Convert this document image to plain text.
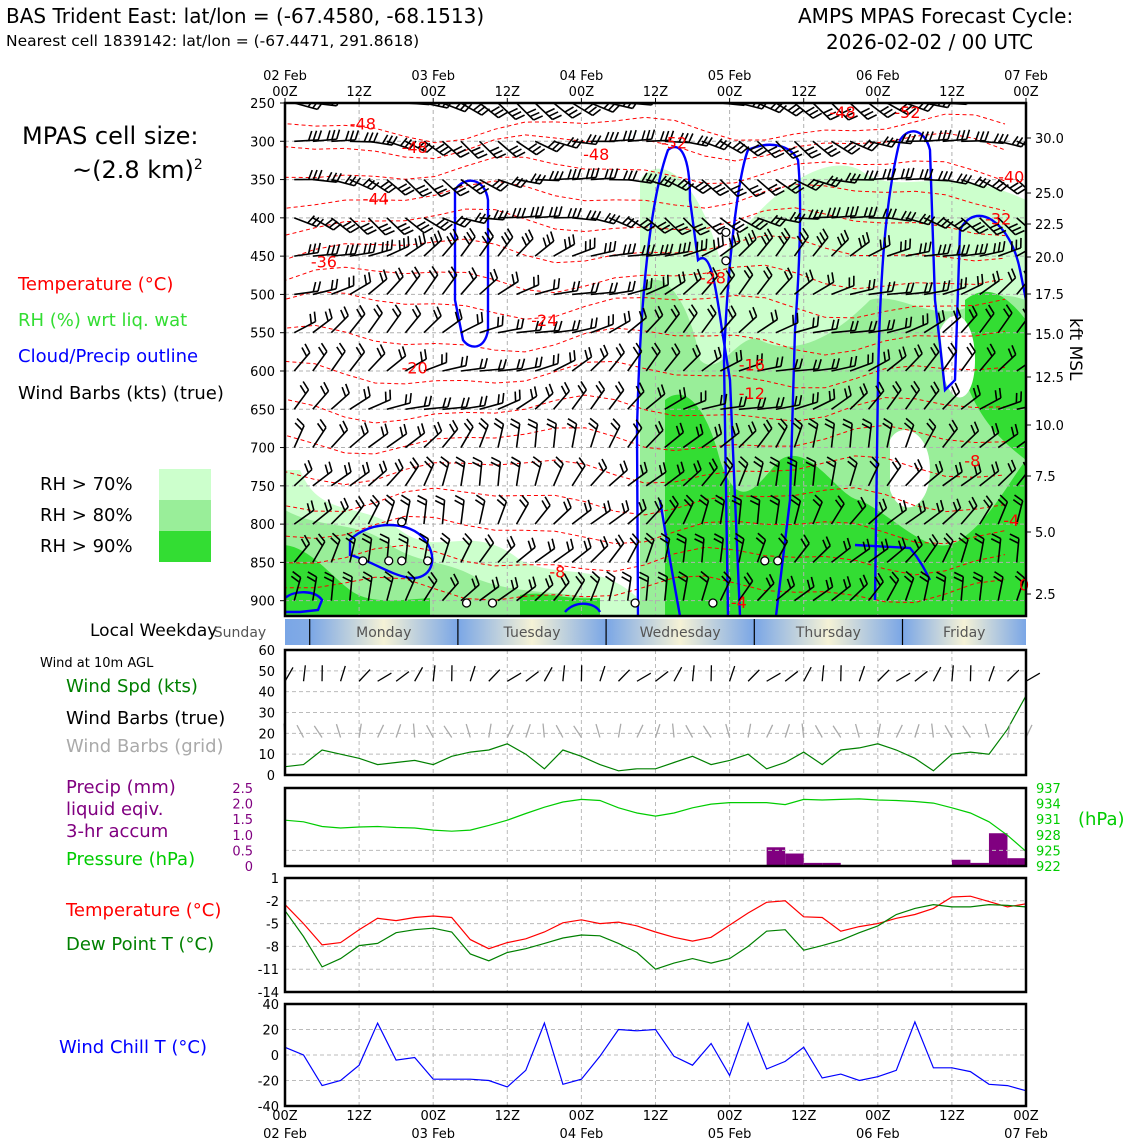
BAS Trident East: lat/lon = (-67.4580, -68.1513)
Nearest cell 1839142: lat/lon = (-67.4471, 291.8618)
AMPS MPAS Forecast Cycle:
2026-02-02 / 00 UTC
MPAS cell size:
~(2.8 km)$^2$
Temperature (°C)
RH (%) wrt liq. wat
Cloud/Precip outline
Wind Barbs (kts) (true)
RH > 70%
RH > 80%
RH > 90%
Local Weekday
Wind at 10m AGL
Wind Spd (kts)
Wind Barbs (true)
Wind Barbs (grid)
Precip (mm)
liquid eqiv.
3-hr accum
Pressure (hPa)
Temperature (°C)
Dew Point T (°C)
Wind Chill T (°C)
kft MSL
(hPa)
-48
-48	-48
-52
-48 -52
-44
-40
-32
-36
-28
-24
-20	-16
-12
-8
-4
-8
-4
0
02 Feb	03 Feb	04 Feb	05 Feb	06 Feb	07 Feb
00Z	12Z	00Z	12Z	00Z	12Z	00Z	12Z	00Z	12Z	00Z
250
300
350
400
450
500
550
600
650
700
750
800
850
900
30.0
25.0
22.5
20.0
17.5
15.0
12.5
10.0
7.5
5.0
2.5
Sunday	Monday	Tuesday	Wednesday	Thursday	Friday
0
10
20
30
40
50
60
0
0.5
1.0
1.5
2.0
2.5
922
925
928
931
934
937
1
-2
-5
-8
-11
-14
40
20
0
-20
-40
00Z	12Z	00Z	12Z	00Z	12Z	00Z	12Z	00Z	12Z	00Z
02 Feb	03 Feb	04 Feb	05 Feb	06 Feb	07 Feb
